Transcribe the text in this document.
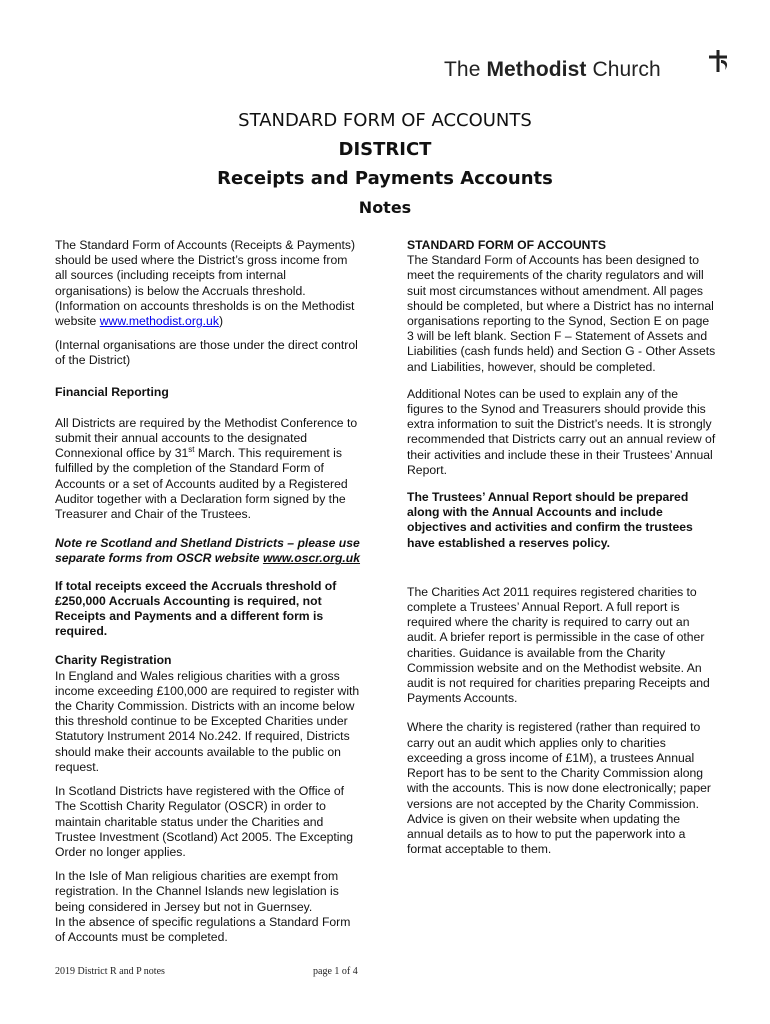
The Methodist Church
STANDARD FORM OF ACCOUNTS
DISTRICT
Receipts and Payments Accounts
Notes

The Standard Form of Accounts (Receipts & Payments) should be used where the District’s gross income from all sources (including receipts from internal organisations) is below the Accruals threshold. (Information on accounts thresholds is on the Methodist website www.methodist.org.uk)

(Internal organisations are those under the direct control of the District)

Financial Reporting

All Districts are required by the Methodist Conference to submit their annual accounts to the designated Connexional office by 31st March. This requirement is fulfilled by the completion of the Standard Form of Accounts or a set of Accounts audited by a Registered Auditor together with a Declaration form signed by the Treasurer and Chair of the Trustees.

Note re Scotland and Shetland Districts – please use separate forms from OSCR website www.oscr.org.uk

If total receipts exceed the Accruals threshold of £250,000 Accruals Accounting is required, not Receipts and Payments and a different form is required.

Charity Registration
In England and Wales religious charities with a gross income exceeding £100,000 are required to register with the Charity Commission. Districts with an income below this threshold continue to be Excepted Charities under Statutory Instrument 2014 No.242. If required, Districts should make their accounts available to the public on request.

In Scotland Districts have registered with the Office of The Scottish Charity Regulator (OSCR) in order to maintain charitable status under the Charities and Trustee Investment (Scotland) Act 2005. The Excepting Order no longer applies.

In the Isle of Man religious charities are exempt from registration. In the Channel Islands new legislation is being considered in Jersey but not in Guernsey.
In the absence of specific regulations a Standard Form of Accounts must be completed.

STANDARD FORM OF ACCOUNTS
The Standard Form of Accounts has been designed to meet the requirements of the charity regulators and will suit most circumstances without amendment. All pages should be completed, but where a District has no internal organisations reporting to the Synod, Section E on page 3 will be left blank. Section F – Statement of Assets and Liabilities (cash funds held) and Section G - Other Assets and Liabilities, however, should be completed.

Additional Notes can be used to explain any of the figures to the Synod and Treasurers should provide this extra information to suit the District’s needs. It is strongly recommended that Districts carry out an annual review of their activities and include these in their Trustees’ Annual Report.

The Trustees’ Annual Report should be prepared along with the Annual Accounts and include objectives and activities and confirm the trustees have established a reserves policy.

The Charities Act 2011 requires registered charities to complete a Trustees’ Annual Report. A full report is required where the charity is required to carry out an audit. A briefer report is permissible in the case of other charities. Guidance is available from the Charity Commission website and on the Methodist website. An audit is not required for charities preparing Receipts and Payments Accounts.

Where the charity is registered (rather than required to carry out an audit which applies only to charities exceeding a gross income of £1M), a trustees Annual Report has to be sent to the Charity Commission along with the accounts. This is now done electronically; paper versions are not accepted by the Charity Commission. Advice is given on their website when updating the annual details as to how to put the paperwork into a format acceptable to them.

2019 District R and P notes	page 1 of 4
